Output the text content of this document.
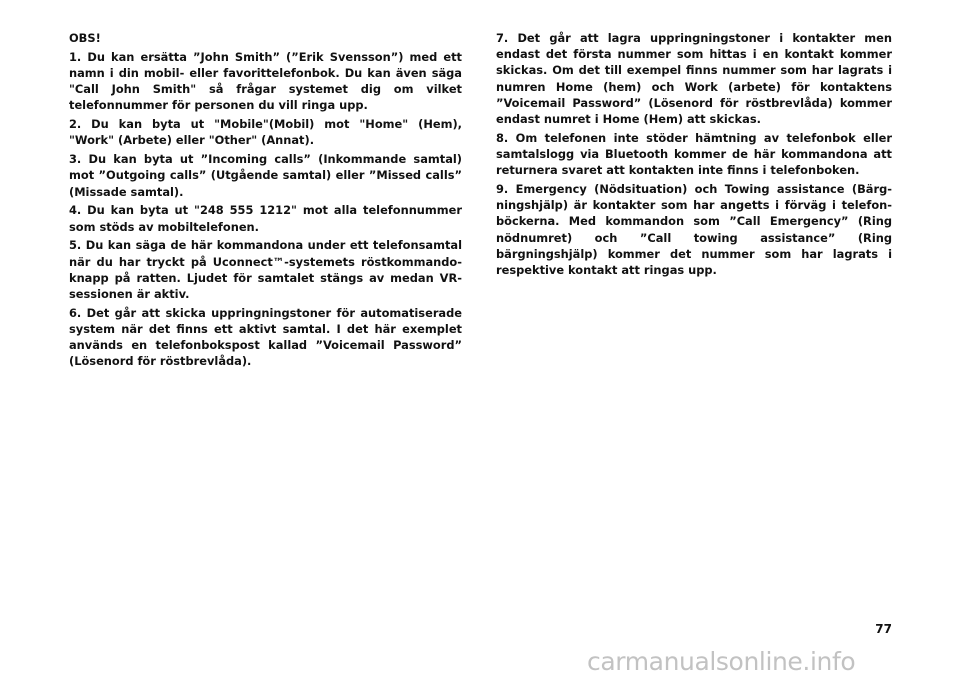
OBS!

1. Du kan ersätta ”John Smith” (”Erik Svensson”) med ett namn i din mobil- eller favorittelefonbok. Du kan även säga "Call John Smith" så frågar systemet dig om vilket telefonnummer för personen du vill ringa upp.

2. Du kan byta ut "Mobile"(Mobil) mot "Home" (Hem), "Work" (Arbete) eller "Other" (Annat).

3. Du kan byta ut ”Incoming calls” (Inkommande samtal) mot ”Outgoing calls” (Utgående samtal) eller ”Missed calls” (Missade samtal).

4. Du kan byta ut "248 555 1212" mot alla telefonnummer som stöds av mobiltelefonen.

5. Du kan säga de här kommandona under ett telefonsamtal när du har tryckt på Uconnect™-systemets röstkommandoknapp på ratten. Ljudet för samtalet stängs av medan VR-sessionen är aktiv.

6. Det går att skicka uppringningstoner för automatiserade system när det finns ett aktivt samtal. I det här exemplet används en telefonbokspost kallad ”Voicemail Password” (Lösenord för röstbrevlåda).

7. Det går att lagra uppringningstoner i kontakter men endast det första nummer som hittas i en kontakt kommer skickas. Om det till exempel finns nummer som har lagrats i numren Home (hem) och Work (arbete) för kontaktens ”Voicemail Password” (Lösenord för röstbrevlåda) kommer endast numret i Home (Hem) att skickas.

8. Om telefonen inte stöder hämtning av telefonbok eller samtalslogg via Bluetooth kommer de här kommandona att returnera svaret att kontakten inte finns i telefonboken.

9. Emergency (Nödsituation) och Towing assistance (Bärgningshjälp) är kontakter som har angetts i förväg i telefonböckerna. Med kommandon som ”Call Emergency” (Ring nödnumret) och ”Call towing assistance” (Ring bärgningshjälp) kommer det nummer som har lagrats i respektive kontakt att ringas upp.

77
carmanualsonline.info
